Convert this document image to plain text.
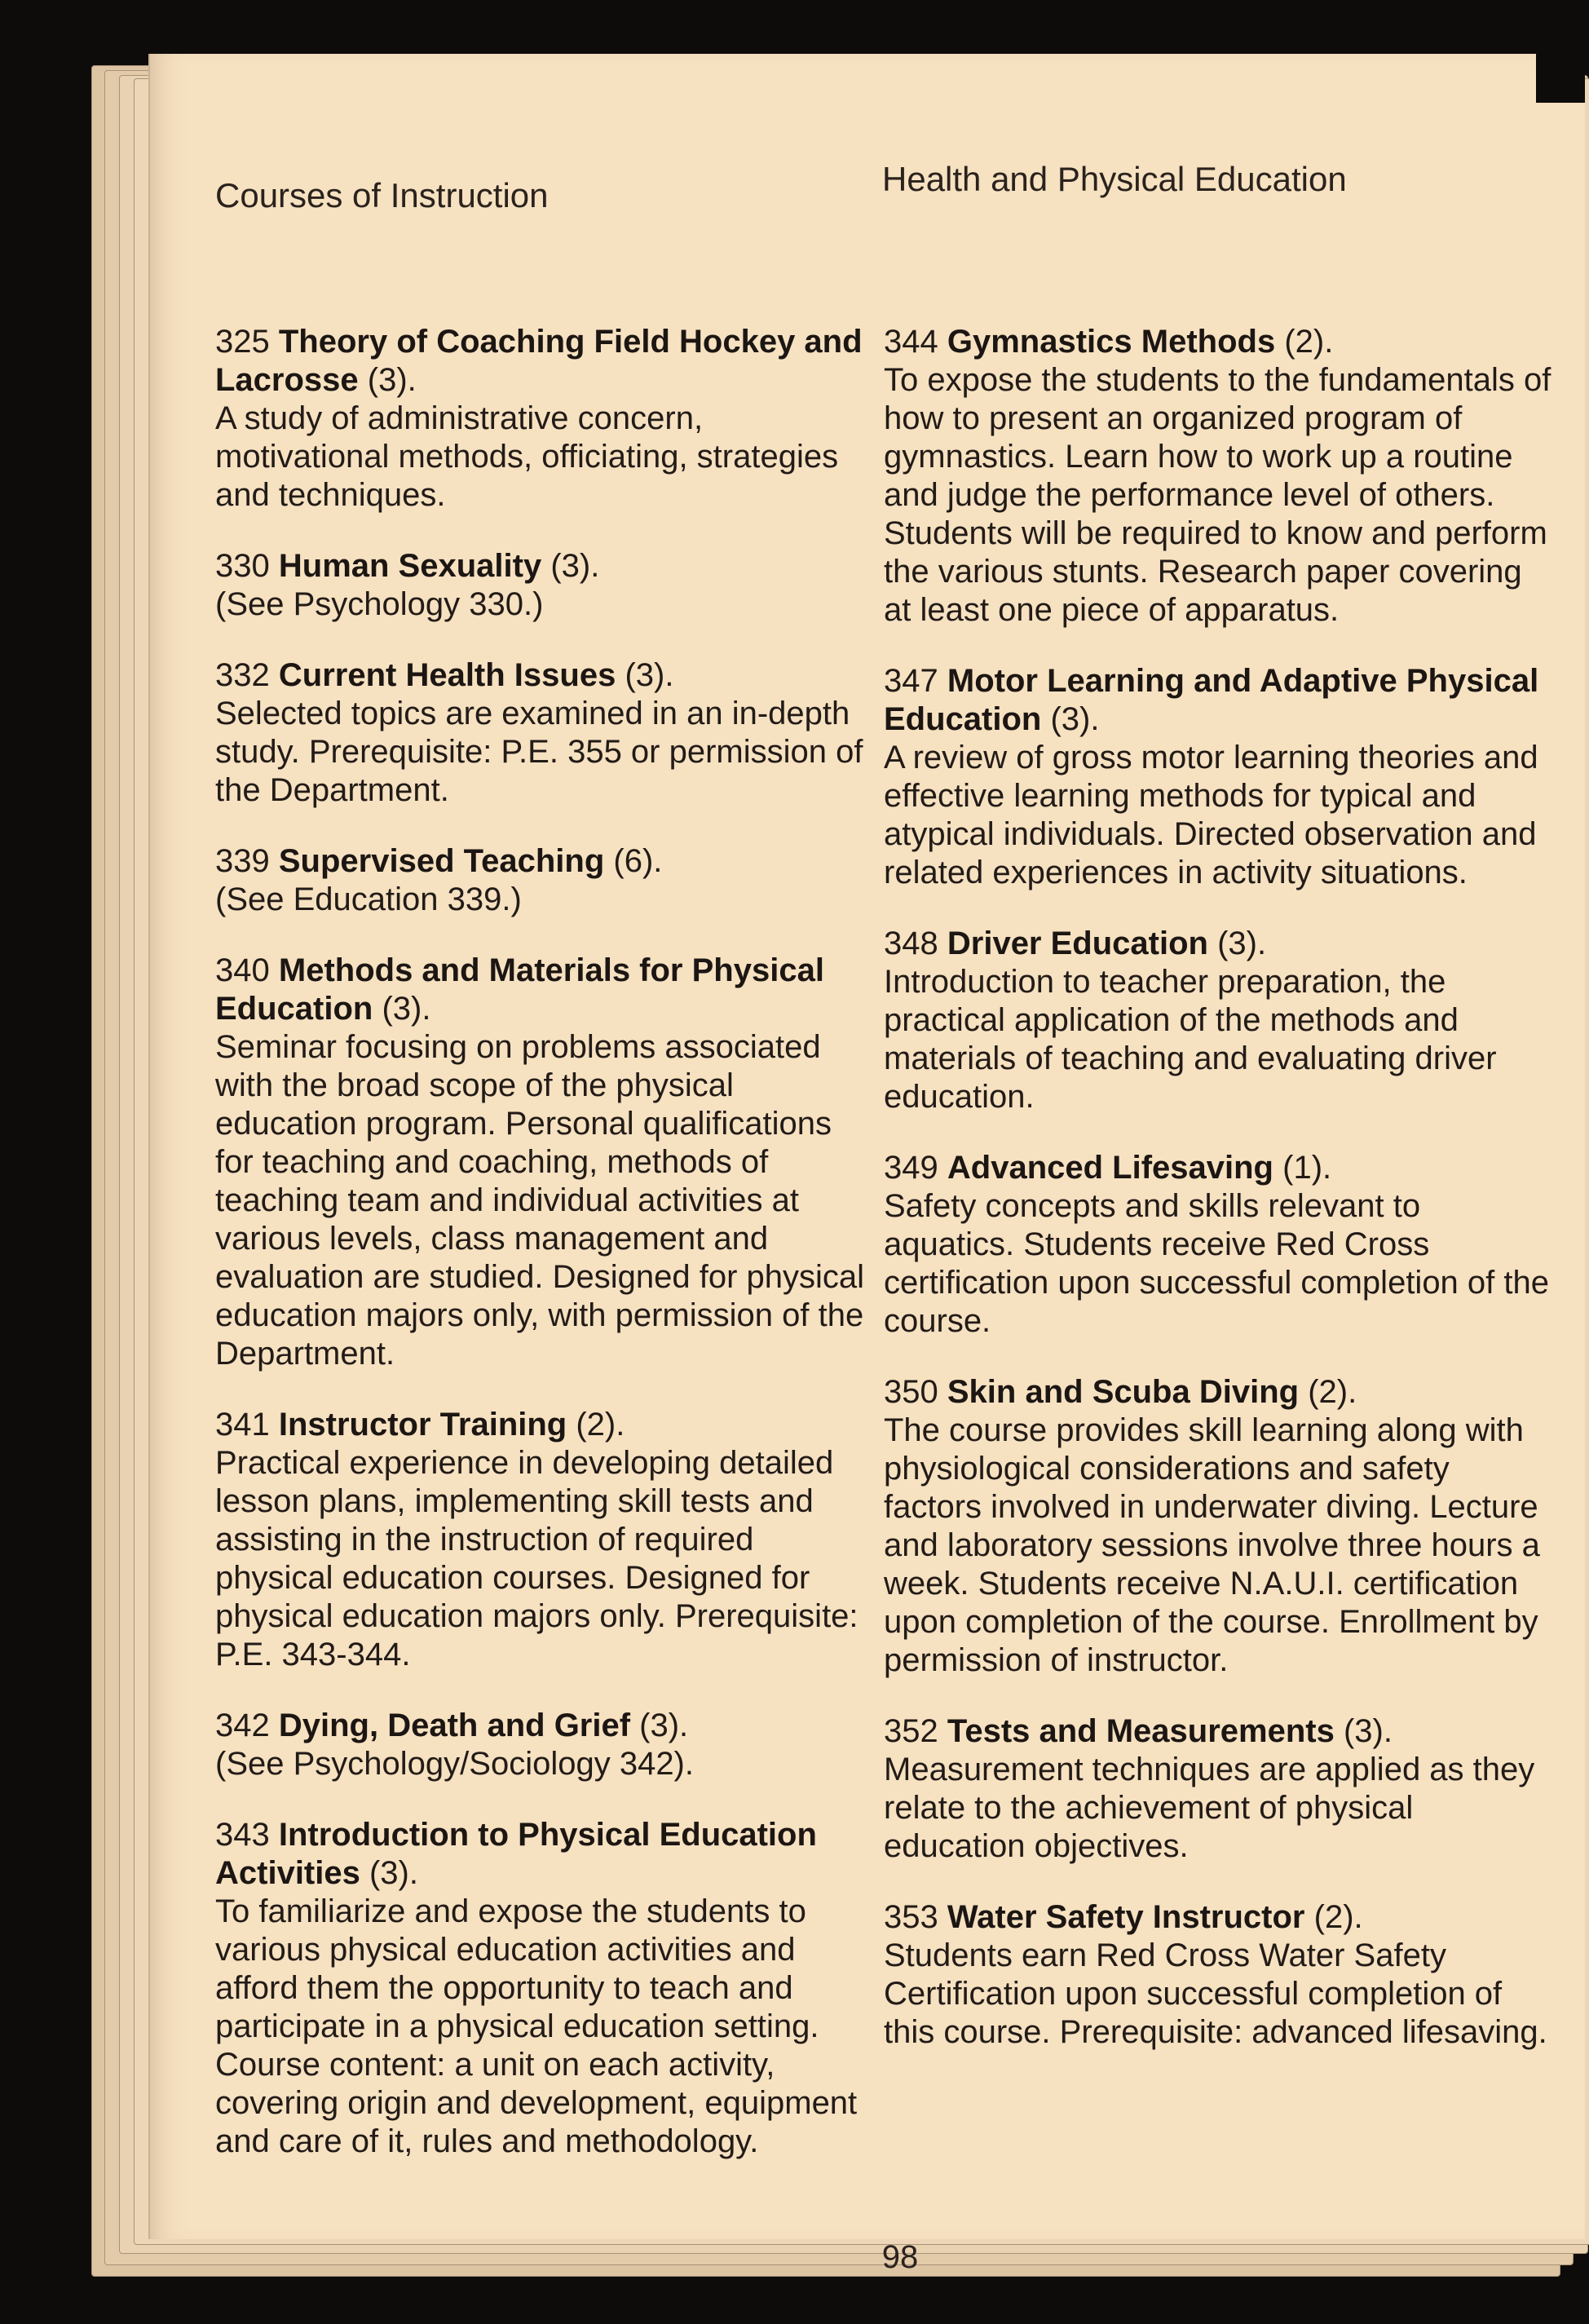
Courses of Instruction	Health and Physical Education

325 Theory of Coaching Field Hockey and Lacrosse (3).

A study of administrative concern, motivational methods, officiating, strategies and techniques.

330 Human Sexuality (3).

(See Psychology 330.)

332 Current Health Issues (3).

Selected topics are examined in an in-depth study. Prerequisite: P.E. 355 or permission of the Department.

339 Supervised Teaching (6).

(See Education 339.)

340 Methods and Materials for Physical Education (3).

Seminar focusing on problems associated with the broad scope of the physical education program. Personal qualifications for teaching and coaching, methods of teaching team and individual activities at various levels, class management and evaluation are studied. Designed for physical education majors only, with permission of the Department.

341 Instructor Training (2).

Practical experience in developing detailed lesson plans, implementing skill tests and assisting in the instruction of required physical education courses. Designed for physical education majors only. Prerequisite: P.E. 343-344.

342 Dying, Death and Grief (3).

(See Psychology/Sociology 342).

343 Introduction to Physical Education Activities (3).

To familiarize and expose the students to various physical education activities and afford them the opportunity to teach and participate in a physical education setting. Course content: a unit on each activity, covering origin and development, equipment and care of it, rules and methodology.

344 Gymnastics Methods (2).

To expose the students to the fundamentals of how to present an organized program of gymnastics. Learn how to work up a routine and judge the performance level of others. Students will be required to know and perform the various stunts. Research paper covering at least one piece of apparatus.

347 Motor Learning and Adaptive Physical Education (3).

A review of gross motor learning theories and effective learning methods for typical and atypical individuals. Directed observation and related experiences in activity situations.

348 Driver Education (3).

Introduction to teacher preparation, the practical application of the methods and materials of teaching and evaluating driver education.

349 Advanced Lifesaving (1).

Safety concepts and skills relevant to aquatics. Students receive Red Cross certification upon successful completion of the course.

350 Skin and Scuba Diving (2).

The course provides skill learning along with physiological considerations and safety factors involved in underwater diving. Lecture and laboratory sessions involve three hours a week. Students receive N.A.U.I. certification upon completion of the course. Enrollment by permission of instructor.

352 Tests and Measurements (3).

Measurement techniques are applied as they relate to the achievement of physical education objectives.

353 Water Safety Instructor (2).

Students earn Red Cross Water Safety Certification upon successful completion of this course. Prerequisite: advanced lifesaving.

98
